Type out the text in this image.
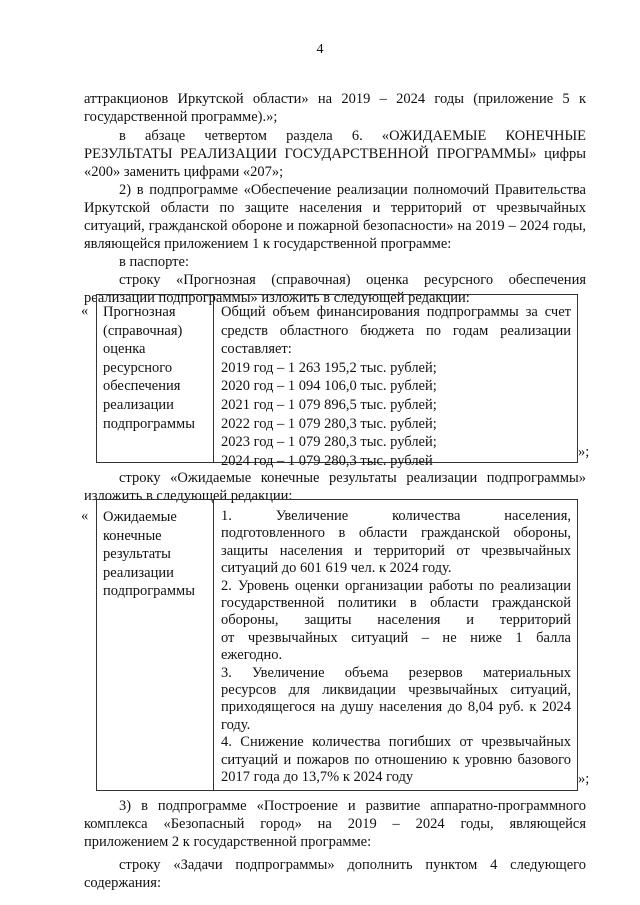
4
аттракционов Иркутской области» на 2019 – 2024 годы (приложение 5 к
государственной программе).»;
в абзаце четвертом раздела 6. «ОЖИДАЕМЫЕ КОНЕЧНЫЕ
РЕЗУЛЬТАТЫ РЕАЛИЗАЦИИ ГОСУДАРСТВЕННОЙ ПРОГРАММЫ» цифры
«200» заменить цифрами «207»;
2) в подпрограмме «Обеспечение реализации полномочий Правительства
Иркутской области по защите населения и территорий от чрезвычайных
ситуаций, гражданской обороне и пожарной безопасности» на 2019 – 2024 годы,
являющейся приложением 1 к государственной программе:
в паспорте:
строку «Прогнозная (справочная) оценка ресурсного обеспечения
реализации подпрограммы» изложить в следующей редакции:
« Прогнозная
(справочная)
оценка
ресурсного
обеспечения
реализации
подпрограммы
Общий объем финансирования подпрограммы за счет
средств областного бюджета по годам реализации
составляет:
2019 год – 1 263 195,2 тыс. рублей;
2020 год – 1 094 106,0 тыс. рублей;
2021 год – 1 079 896,5 тыс. рублей;
2022 год – 1 079 280,3 тыс. рублей;
2023 год – 1 079 280,3 тыс. рублей;
2024 год – 1 079 280,3 тыс. рублей
»;
строку «Ожидаемые конечные результаты реализации подпрограммы»
изложить в следующей редакции:
« Ожидаемые
конечные
результаты
реализации
подпрограммы
1. Увеличение количества населения,
подготовленного в области гражданской обороны,
защиты населения и территорий от чрезвычайных
ситуаций до 601 619 чел. к 2024 году.
2. Уровень оценки организации работы по реализации
государственной политики в области гражданской
обороны, защиты населения и территорий
от чрезвычайных ситуаций – не ниже 1 балла
ежегодно.
3. Увеличение объема резервов материальных
ресурсов для ликвидации чрезвычайных ситуаций,
приходящегося на душу населения до 8,04 руб. к 2024
году.
4. Снижение количества погибших от чрезвычайных
ситуаций и пожаров по отношению к уровню базового
2017 года до 13,7% к 2024 году	»;
3) в подпрограмме «Построение и развитие аппаратно-программного
комплекса «Безопасный город» на 2019 – 2024 годы, являющейся
приложением 2 к государственной программе:
строку «Задачи подпрограммы» дополнить пунктом 4 следующего
содержания:
